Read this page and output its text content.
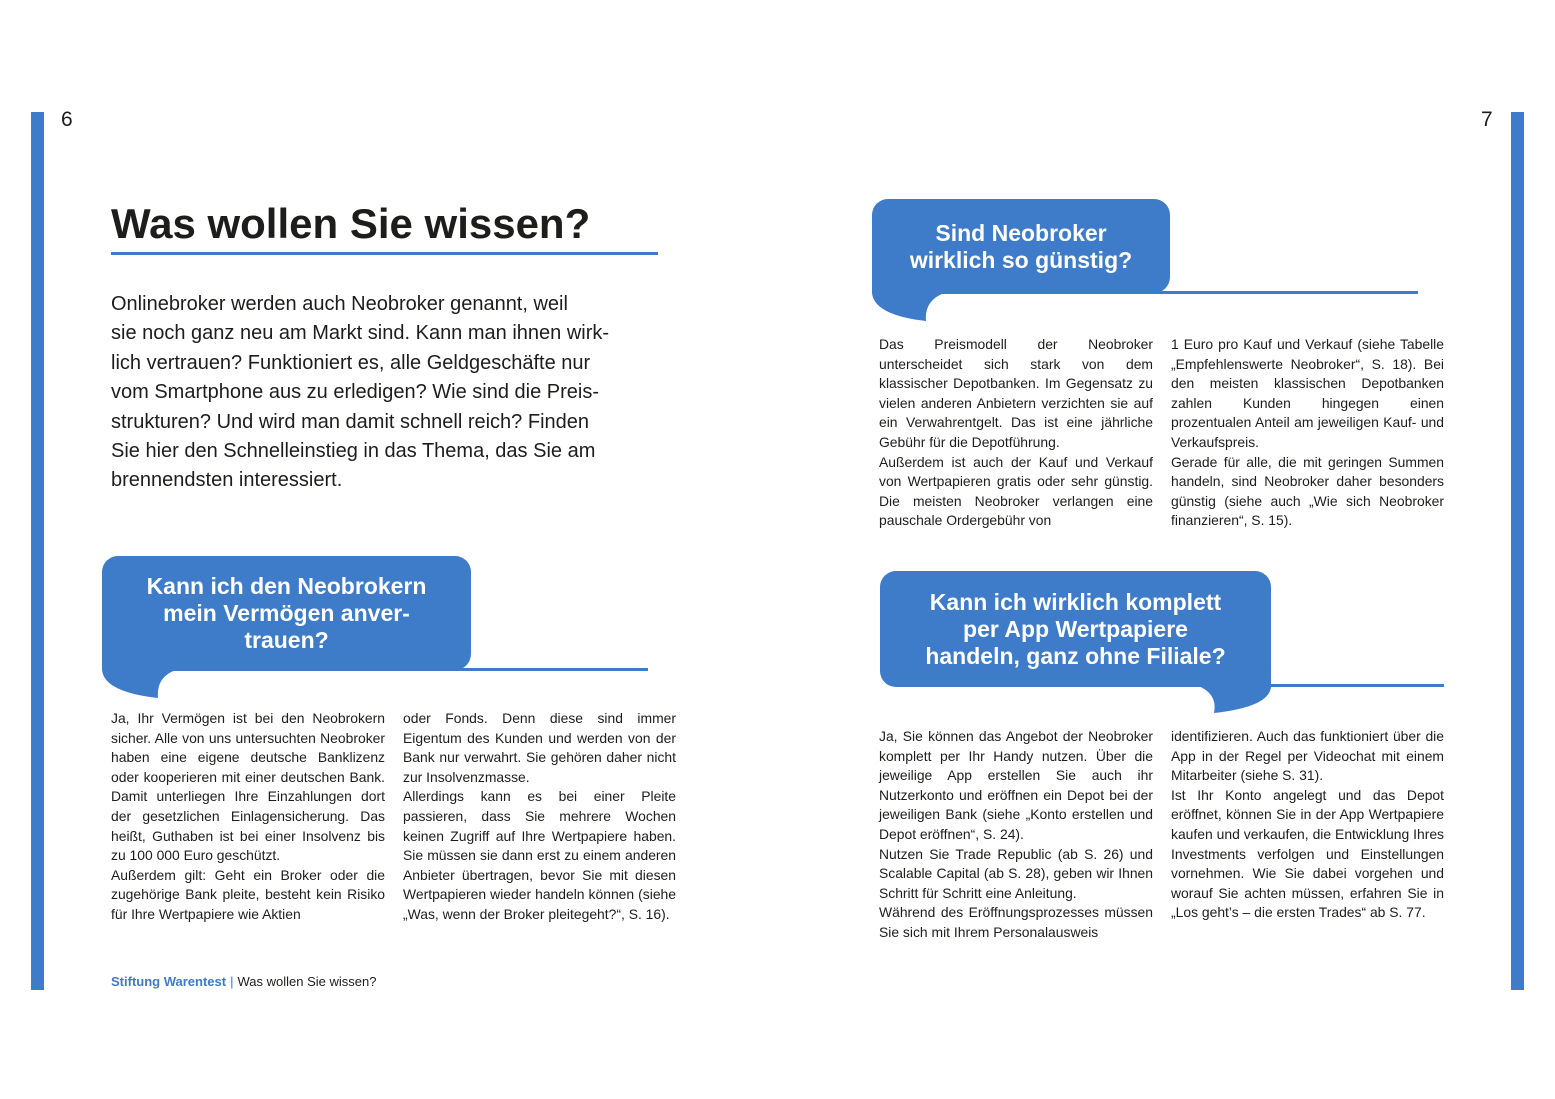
6	7
Was wollen Sie wissen?

Onlinebroker werden auch Neobroker genannt, weil
sie noch ganz neu am Markt sind. Kann man ihnen wirk-
lich vertrauen? Funktioniert es, alle Geldgeschäfte nur
vom Smartphone aus zu erledigen? Wie sind die Preis-
strukturen? Und wird man damit schnell reich? Finden
Sie hier den Schnelleinstieg in das Thema, das Sie am
brennendsten interessiert.

Kann ich den Neobrokern
mein Vermögen anver-
trauen?

Ja, Ihr Vermögen ist bei den Neobrokern sicher. Alle von uns untersuchten Neobroker haben eine eigene deutsche Banklizenz oder kooperieren mit einer deutschen Bank. Damit unterliegen Ihre Einzahlungen dort der gesetzlichen Einlagensicherung. Das heißt, Guthaben ist bei einer Insolvenz bis zu 100 000 Euro geschützt.

Außerdem gilt: Geht ein Broker oder die zugehörige Bank pleite, besteht kein Risiko für Ihre Wertpapiere wie Aktien

oder Fonds. Denn diese sind immer Eigentum des Kunden und werden von der Bank nur verwahrt. Sie gehören daher nicht zur Insolvenzmasse.

Allerdings kann es bei einer Pleite passieren, dass Sie mehrere Wochen keinen Zugriff auf Ihre Wertpapiere haben. Sie müssen sie dann erst zu einem anderen Anbieter übertragen, bevor Sie mit diesen Wertpapieren wieder handeln können (siehe „Was, wenn der Broker pleitegeht?“, S. 16).

Sind Neobroker
wirklich so günstig?

Das Preismodell der Neobroker unterscheidet sich stark von dem klassischer Depotbanken. Im Gegensatz zu vielen anderen Anbietern verzichten sie auf ein Verwahrentgelt. Das ist eine jährliche Gebühr für die Depotführung.

Außerdem ist auch der Kauf und Verkauf von Wertpapieren gratis oder sehr günstig. Die meisten Neobroker verlangen eine pauschale Ordergebühr von

1 Euro pro Kauf und Verkauf (siehe Tabelle „Empfehlenswerte Neobroker“, S. 18). Bei den meisten klassischen Depotbanken zahlen Kunden hingegen einen prozentualen Anteil am jeweiligen Kauf- und Verkaufspreis.

Gerade für alle, die mit geringen Summen handeln, sind Neobroker daher besonders günstig (siehe auch „Wie sich Neobroker finanzieren“, S. 15).

Kann ich wirklich komplett
per App Wertpapiere
handeln, ganz ohne Filiale?

Ja, Sie können das Angebot der Neobroker komplett per Ihr Handy nutzen. Über die jeweilige App erstellen Sie auch ihr Nutzerkonto und eröffnen ein Depot bei der jeweiligen Bank (siehe „Konto erstellen und Depot eröffnen“, S. 24).

Nutzen Sie Trade Republic (ab S. 26) und Scalable Capital (ab S. 28), geben wir Ihnen Schritt für Schritt eine Anleitung.

Während des Eröffnungsprozesses müssen Sie sich mit Ihrem Personalausweis

identifizieren. Auch das funktioniert über die App in der Regel per Videochat mit einem Mitarbeiter (siehe S. 31).

Ist Ihr Konto angelegt und das Depot eröffnet, können Sie in der App Wertpapiere kaufen und verkaufen, die Entwicklung Ihres Investments verfolgen und Einstellungen vornehmen. Wie Sie dabei vorgehen und worauf Sie achten müssen, erfahren Sie in „Los geht’s – die ersten Trades“ ab S. 77.

Stiftung Warentest | Was wollen Sie wissen?
